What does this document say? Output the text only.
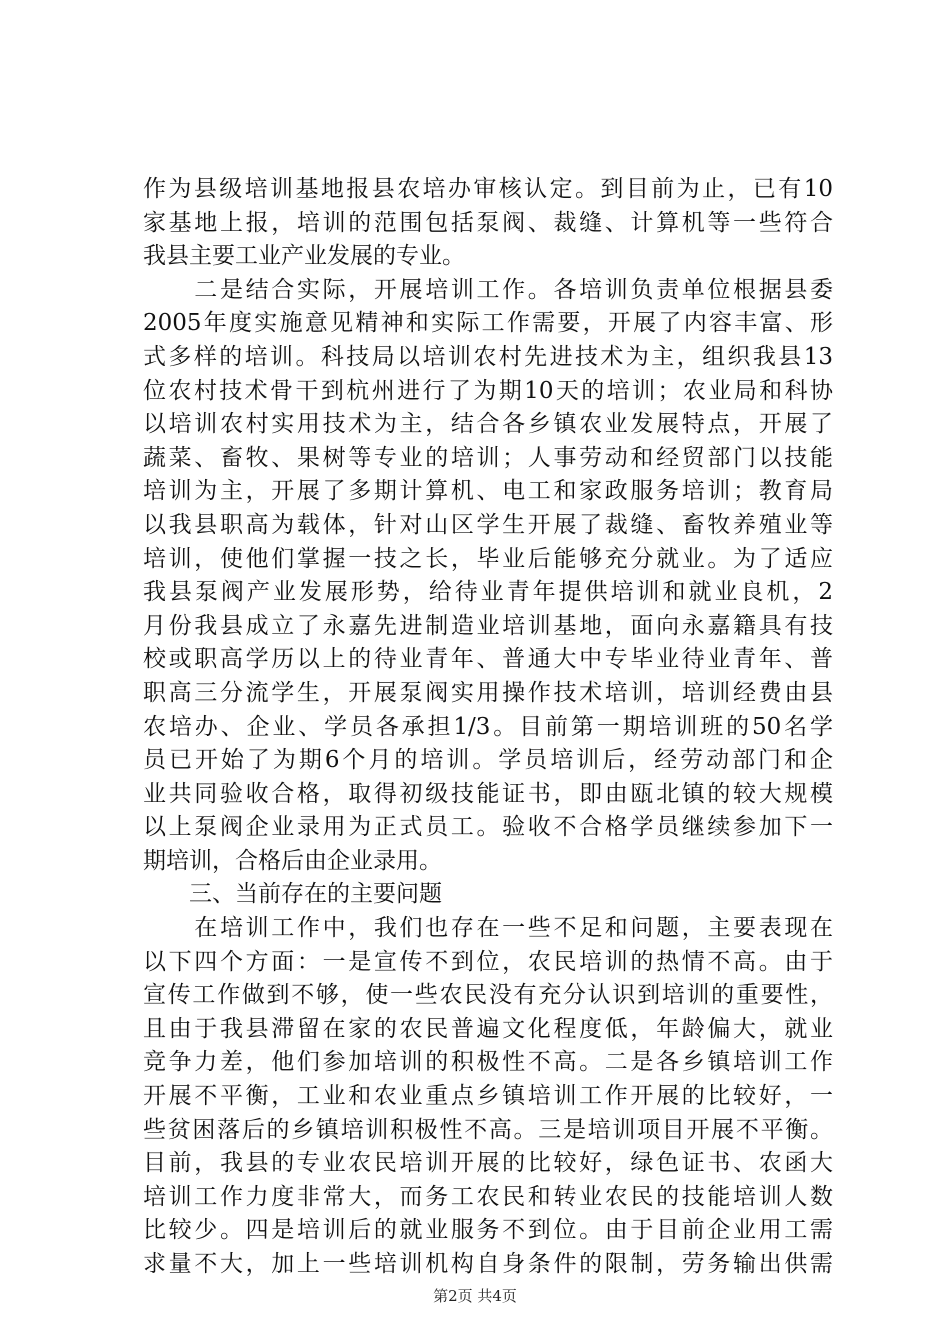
作为县级培训基地报县农培办审核认定。到目前为止，已有10
家基地上报，培训的范围包括泵阀、裁缝、计算机等一些符合
我县主要工业产业发展的专业。
　　二是结合实际，开展培训工作。各培训负责单位根据县委
2005年度实施意见精神和实际工作需要，开展了内容丰富、形
式多样的培训。科技局以培训农村先进技术为主，组织我县13
位农村技术骨干到杭州进行了为期10天的培训；农业局和科协
以培训农村实用技术为主，结合各乡镇农业发展特点，开展了
蔬菜、畜牧、果树等专业的培训；人事劳动和经贸部门以技能
培训为主，开展了多期计算机、电工和家政服务培训；教育局
以我县职高为载体，针对山区学生开展了裁缝、畜牧养殖业等
培训，使他们掌握一技之长，毕业后能够充分就业。为了适应
我县泵阀产业发展形势，给待业青年提供培训和就业良机，2
月份我县成立了永嘉先进制造业培训基地，面向永嘉籍具有技
校或职高学历以上的待业青年、普通大中专毕业待业青年、普
职高三分流学生，开展泵阀实用操作技术培训，培训经费由县
农培办、企业、学员各承担1/3。目前第一期培训班的50名学
员已开始了为期6个月的培训。学员培训后，经劳动部门和企
业共同验收合格，取得初级技能证书，即由瓯北镇的较大规模
以上泵阀企业录用为正式员工。验收不合格学员继续参加下一
期培训，合格后由企业录用。
　　三、当前存在的主要问题
　　在培训工作中，我们也存在一些不足和问题，主要表现在
以下四个方面：一是宣传不到位，农民培训的热情不高。由于
宣传工作做到不够，使一些农民没有充分认识到培训的重要性，
且由于我县滞留在家的农民普遍文化程度低，年龄偏大，就业
竞争力差，他们参加培训的积极性不高。二是各乡镇培训工作
开展不平衡，工业和农业重点乡镇培训工作开展的比较好，一
些贫困落后的乡镇培训积极性不高。三是培训项目开展不平衡。
目前，我县的专业农民培训开展的比较好，绿色证书、农函大
培训工作力度非常大，而务工农民和转业农民的技能培训人数
比较少。四是培训后的就业服务不到位。由于目前企业用工需
求量不大，加上一些培训机构自身条件的限制，劳务输出供需
第2页 共4页
